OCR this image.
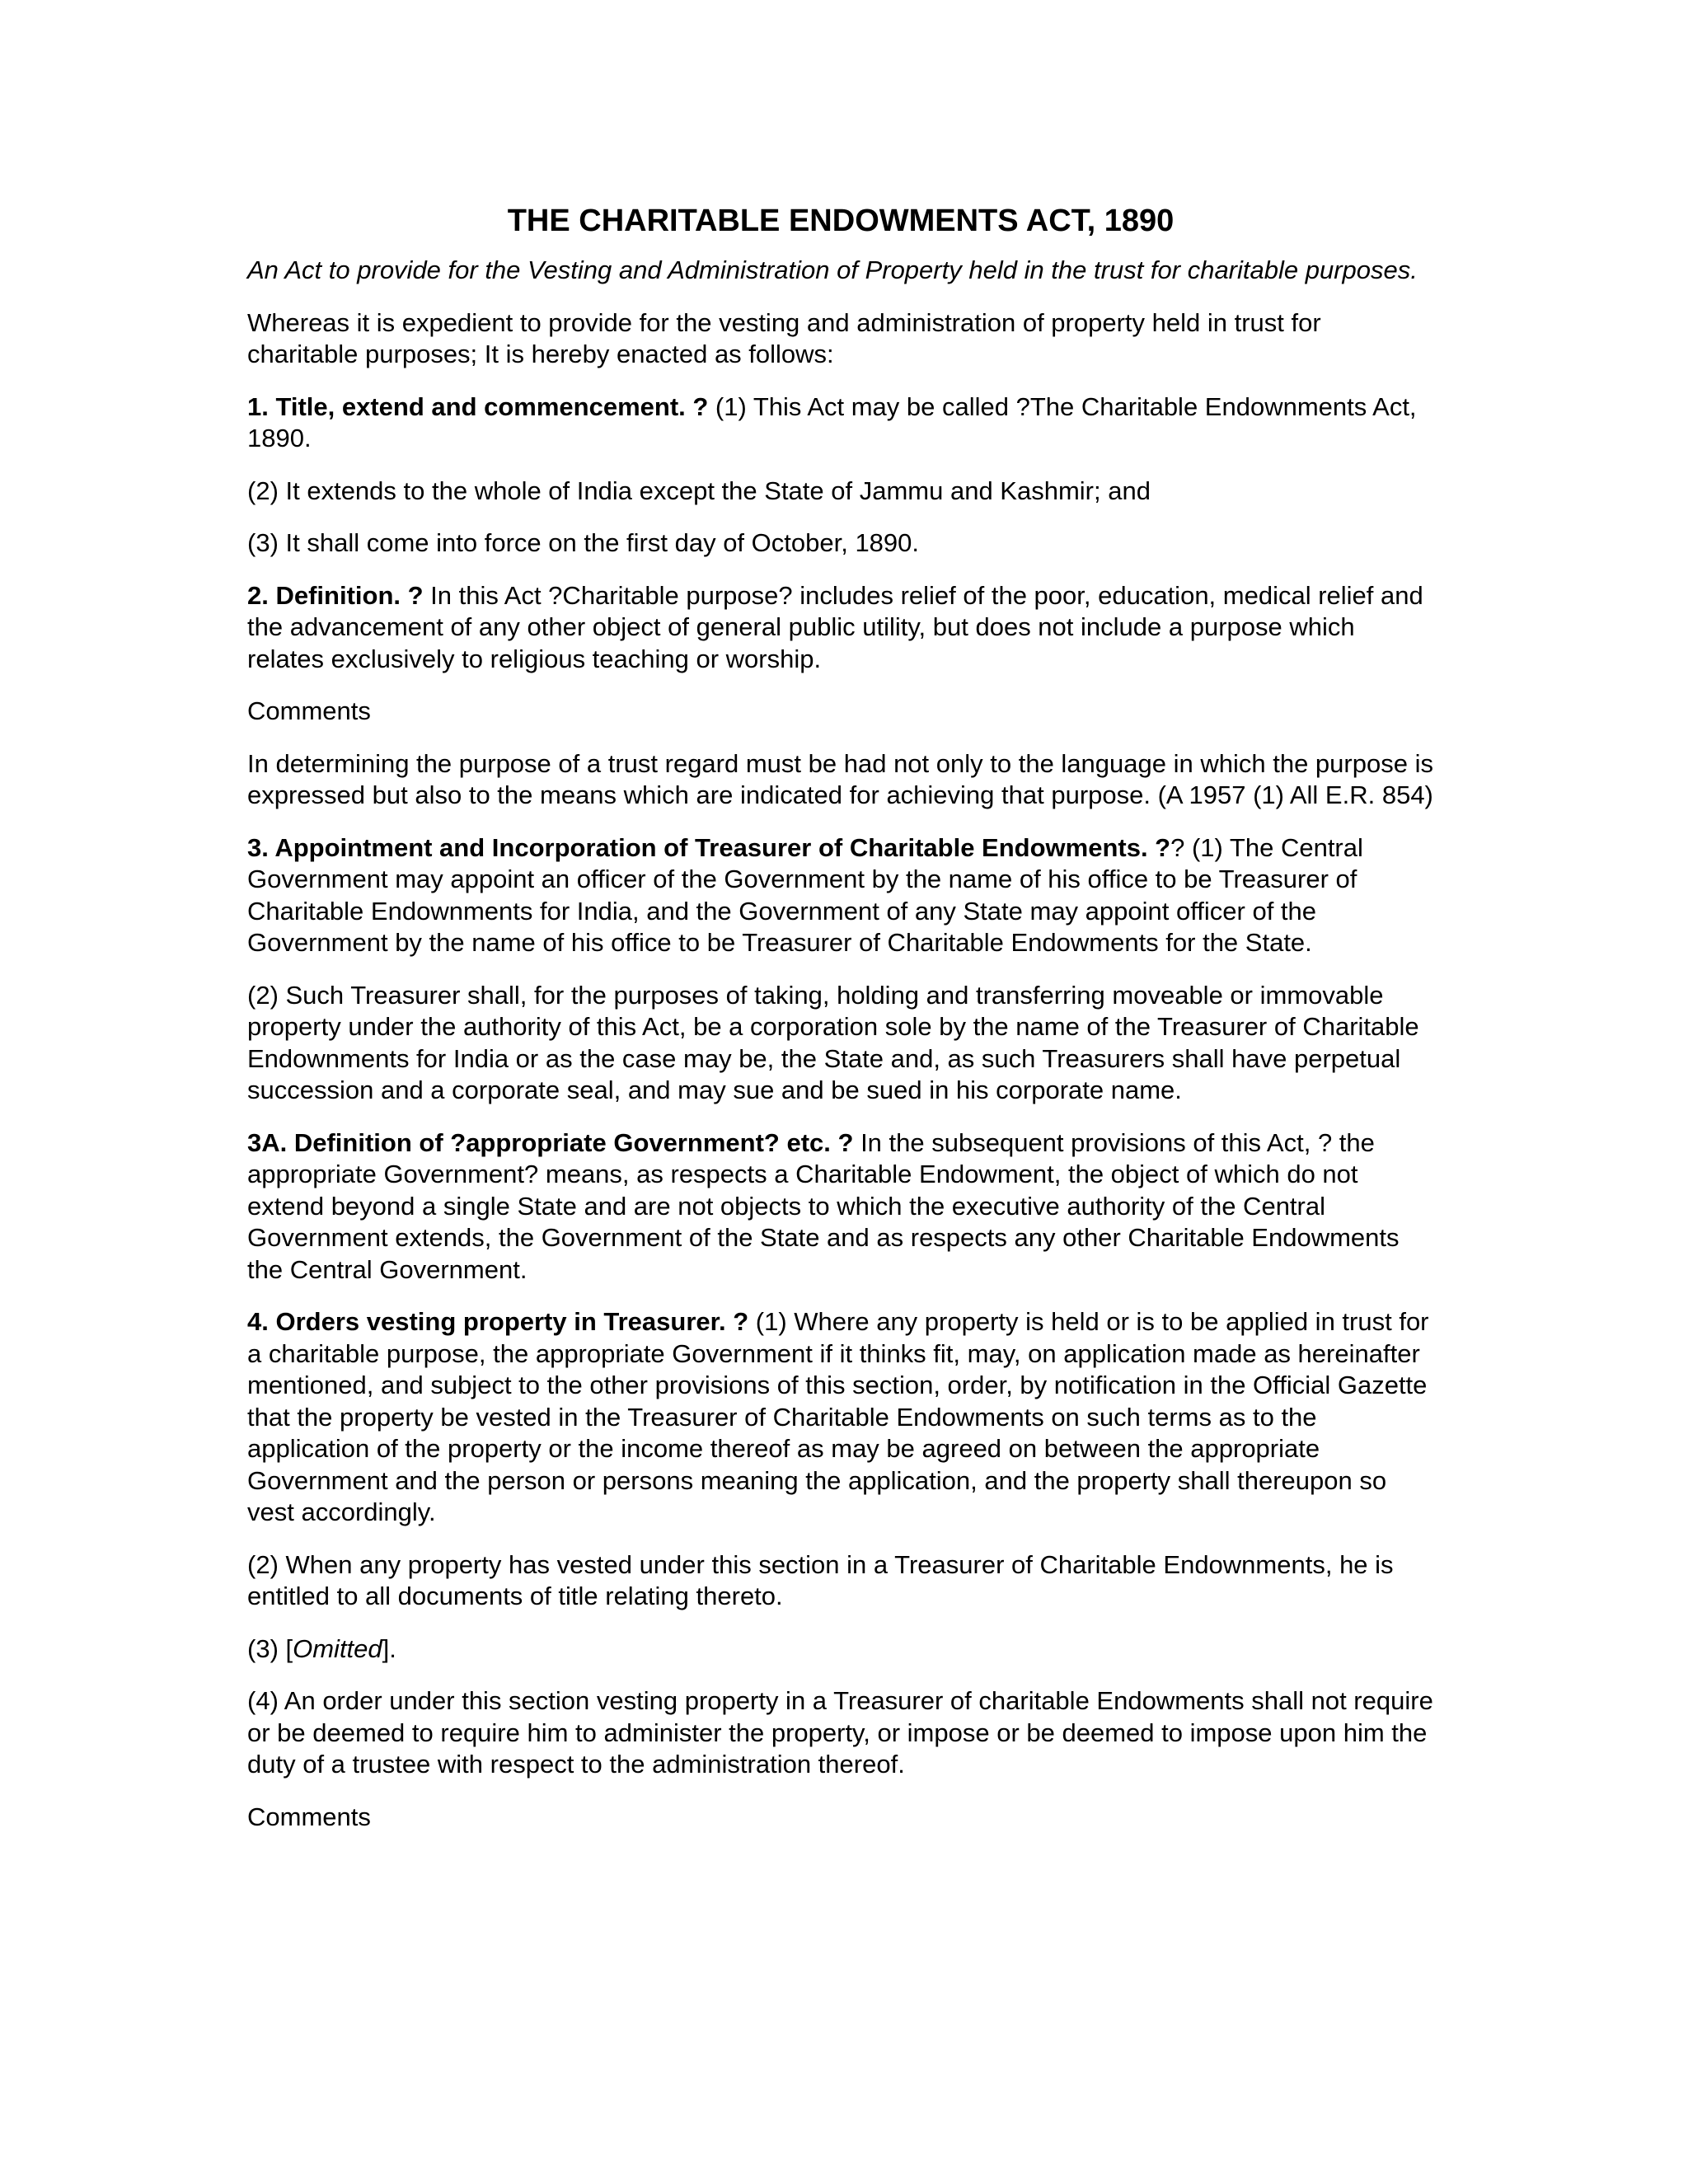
THE CHARITABLE ENDOWMENTS ACT, 1890

An Act to provide for the Vesting and Administration of Property held in the trust for charitable purposes.

Whereas it is expedient to provide for the vesting and administration of property held in trust for charitable purposes; It is hereby enacted as follows:

1. Title, extend and commencement. ? (1) This Act may be called ?The Charitable Endownments Act, 1890.

(2) It extends to the whole of India except the State of Jammu and Kashmir; and

(3) It shall come into force on the first day of October, 1890.

2. Definition. ? In this Act ?Charitable purpose? includes relief of the poor, education, medical relief and the advancement of any other object of general public utility, but does not include a purpose which relates exclusively to religious teaching or worship.

Comments

In determining the purpose of a trust regard must be had not only to the language in which the purpose is expressed but also to the means which are indicated for achieving that purpose. (A 1957 (1) All E.R. 854)

3. Appointment and Incorporation of Treasurer of Charitable Endowments. ?? (1) The Central Government may appoint an officer of the Government by the name of his office to be Treasurer of Charitable Endownments for India, and the Government of any State may appoint officer of the Government by the name of his office to be Treasurer of Charitable Endowments for the State.

(2) Such Treasurer shall, for the purposes of taking, holding and transferring moveable or immovable property under the authority of this Act, be a corporation sole by the name of the Treasurer of Charitable Endownments for India or as the case may be, the State and, as such Treasurers shall have perpetual succession and a corporate seal, and may sue and be sued in his corporate name.

3A. Definition of ?appropriate Government? etc. ? In the subsequent provisions of this Act, ? the appropriate Government? means, as respects a Charitable Endowment, the object of which do not extend beyond a single State and are not objects to which the executive authority of the Central Government extends, the Government of the State and as respects any other Charitable Endowments the Central Government.

4. Orders vesting property in Treasurer. ? (1) Where any property is held or is to be applied in trust for a charitable purpose, the appropriate Government if it thinks fit, may, on application made as hereinafter mentioned, and subject to the other provisions of this section, order, by notification in the Official Gazette that the property be vested in the Treasurer of Charitable Endowments on such terms as to the application of the property or the income thereof as may be agreed on between the appropriate Government and the person or persons meaning the application, and the property shall thereupon so vest accordingly.

(2) When any property has vested under this section in a Treasurer of Charitable Endownments, he is entitled to all documents of title relating thereto.

(3) [Omitted].

(4) An order under this section vesting property in a Treasurer of charitable Endowments shall not require or be deemed to require him to administer the property, or impose or be deemed to impose upon him the duty of a trustee with respect to the administration thereof.

Comments
